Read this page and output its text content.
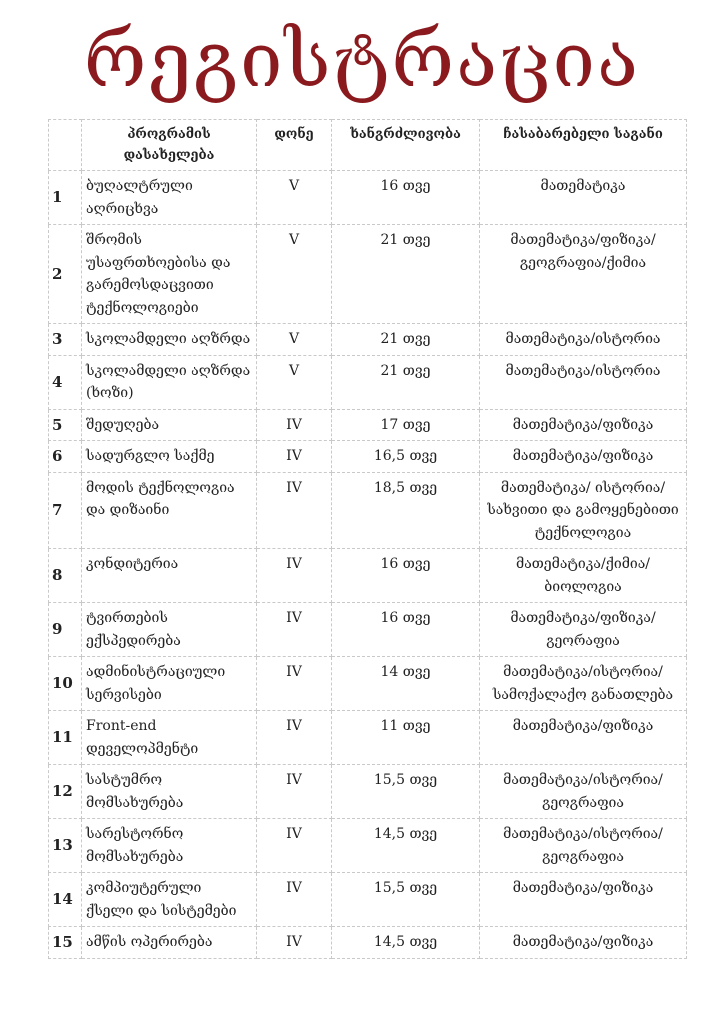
რეგისტრაცია
	პროგრამის დასახელება	დონე	ხანგრძლივობა	ჩასაბარებელი საგანი
1	ბუღალტრული აღრიცხვა	V	16 თვე	მათემატიკა
2	შრომის უსაფრთხოებისა და გარემოსდაცვითი ტექნოლოგიები	V	21 თვე	მათემატიკა/ფიზიკა/ გეოგრაფია/ქიმია
3	სკოლამდელი აღზრდა	V	21 თვე	მათემატიკა/ისტორია
4	სკოლამდელი აღზრდა (ხოზი)	V	21 თვე	მათემატიკა/ისტორია
5	შედუღება	IV	17 თვე	მათემატიკა/ფიზიკა
6	სადურგლო საქმე	IV	16,5 თვე	მათემატიკა/ფიზიკა
7	მოდის ტექნოლოგია და დიზაინი	IV	18,5 თვე	მათემატიკა/ ისტორია/ სახვითი და გამოყენებითი ტექნოლოგია
8	კონდიტერია	IV	16 თვე	მათემატიკა/ქიმია/ ბიოლოგია
9	ტვირთების ექსპედირება	IV	16 თვე	მათემატიკა/ფიზიკა/ გეორაფია
10	ადმინისტრაციული სერვისები	IV	14 თვე	მათემატიკა/ისტორია/ სამოქალაქო განათლება
11	Front-end დეველოპმენტი	IV	11 თვე	მათემატიკა/ფიზიკა
12	სასტუმრო მომსახურება	IV	15,5 თვე	მათემატიკა/ისტორია/ გეოგრაფია
13	სარესტორნო მომსახურება	IV	14,5 თვე	მათემატიკა/ისტორია/ გეოგრაფია
14	კომპიუტერული ქსელი და სისტემები	IV	15,5 თვე	მათემატიკა/ფიზიკა
15	ამწის ოპერირება	IV	14,5 თვე	მათემატიკა/ფიზიკა
